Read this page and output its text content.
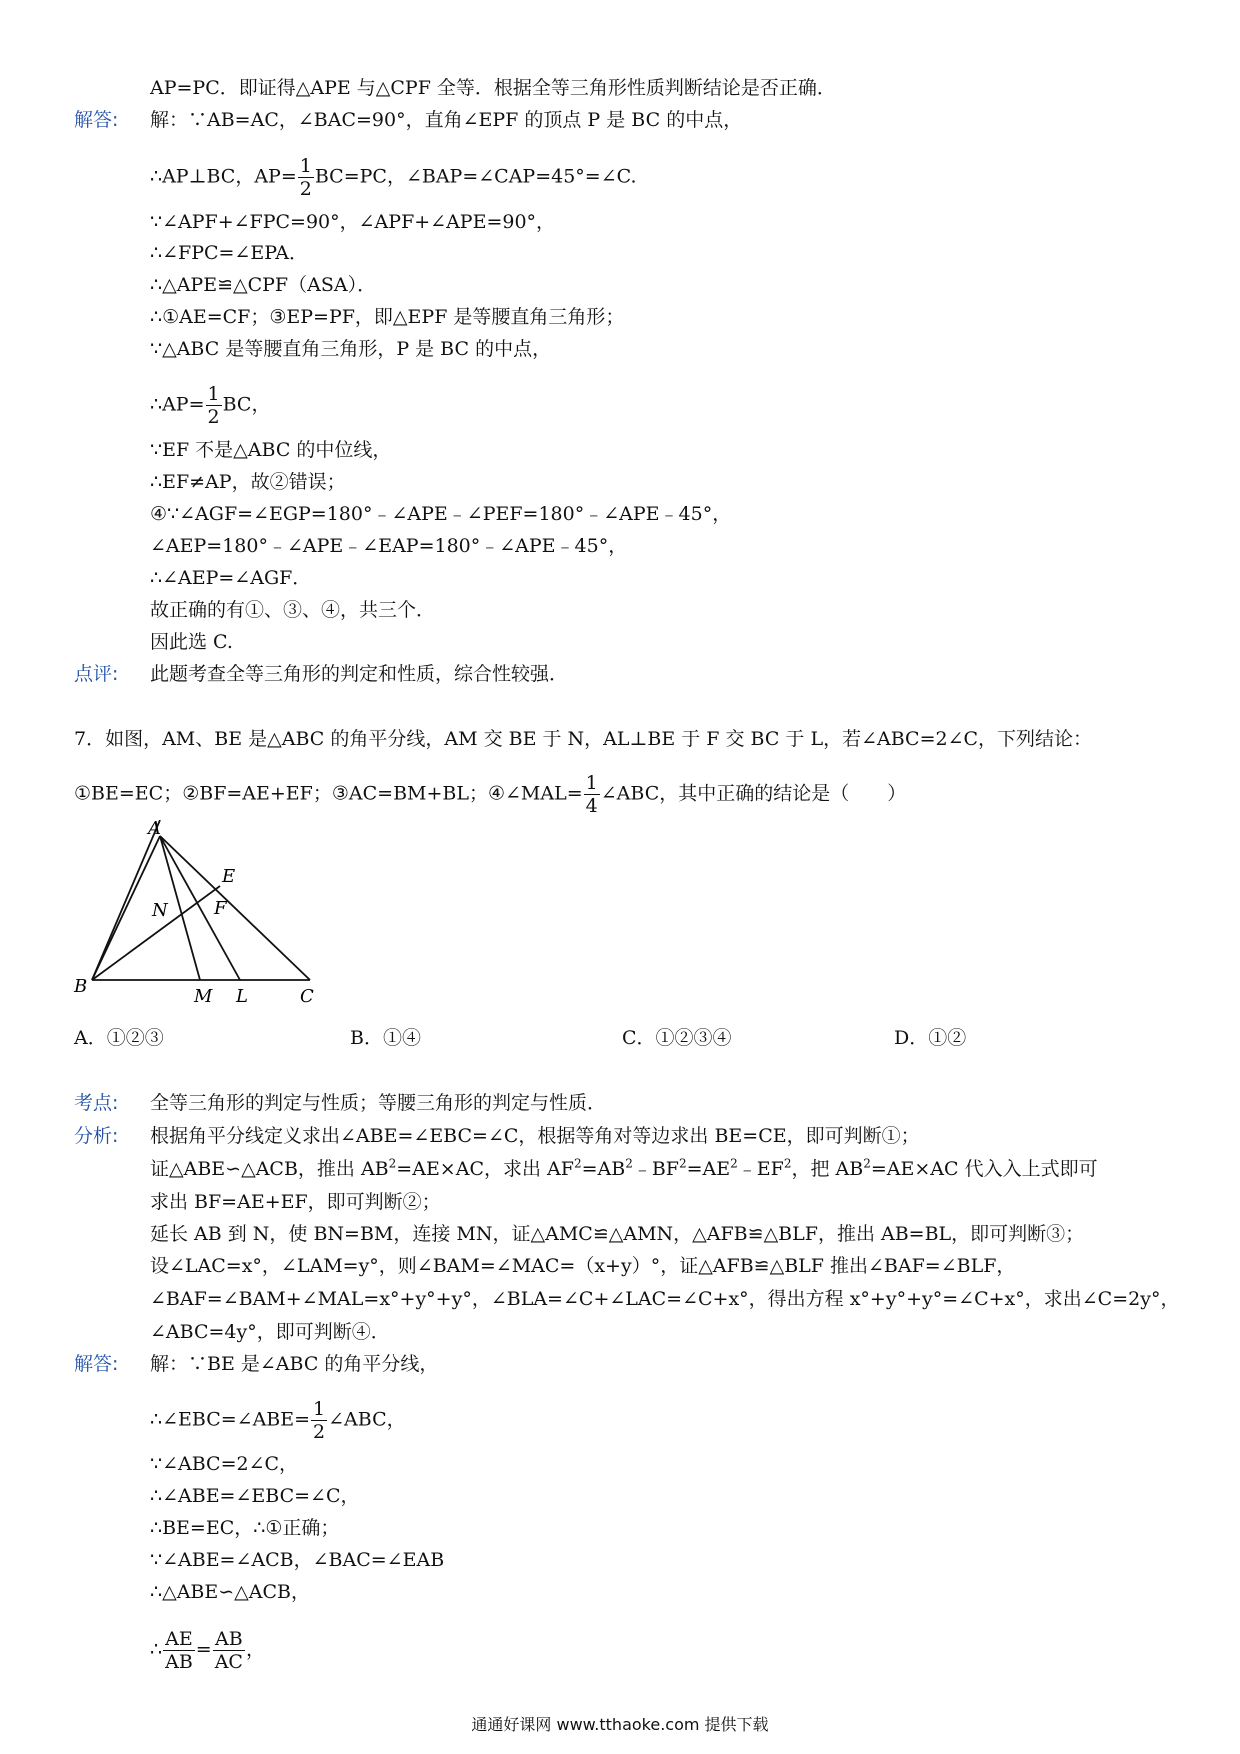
AP=PC．即证得△APE 与△CPF 全等．根据全等三角形性质判断结论是否正确．
解答: 解：∵AB=AC，∠BAC=90°，直角∠EPF 的顶点 P 是 BC 的中点，
∴AP⊥BC，$AP= \frac{1}{2} BC=PC$，∠BAP=∠CAP=45°=∠C.
∵∠APF+∠FPC=90°，∠APF+∠APE=90°，
∴∠FPC=∠EPA．
∴△APE≌△CPF（ASA）．
∴①AE=CF；③EP=PF，即△EPF 是等腰直角三角形；
∵△ABC 是等腰直角三角形，P 是 BC 的中点，
∴AP= $\frac{1}{2}$ BC，
∵EF 不是△ABC 的中位线，
∴EF≠AP，故②错误；
④∵∠AGF=∠EGP=180°﹣∠APE﹣∠PEF=180°﹣∠APE﹣45°，
∠AEP=180°﹣∠APE﹣∠EAP=180°﹣∠APE﹣45°，
∴∠AEP=∠AGF．
故正确的有①、③、④，共三个．
因此选 C.
点评: 此题考查全等三角形的判定和性质，综合性较强．
7．如图，AM、BE 是△ABC 的角平分线，AM 交 BE 于 N，AL⊥BE 于 F 交 BC 于 L，若∠ABC=2∠C，下列结论：
①BE=EC；②BF=AE+EF；③AC=BM+BL；④∠MAL= $\frac{1}{4}$ ∠ABC，其中正确的结论是（　　）
A
B	C
E
F
N
M L
A．①②③	B．①④	C．①②③④	D．①②
考点: 全等三角形的判定与性质；等腰三角形的判定与性质．
分析: 根据角平分线定义求出∠ABE=∠EBC=∠C，根据等角对等边求出 BE=CE，即可判断①；
证△ABE∽△ACB，推出 $AB^2=AE\times AC$，求出 $AF^2=AB^2﹣BF^2=AE^2﹣EF^2$，把 $AB^2=AE\times AC$ 代入入上式即可
求出 BF=AE+EF，即可判断②；
延长 AB 到 N，使 BN=BM，连接 MN，证△AMC≌△AMN，△AFB≌△BLF，推出 AB=BL，即可判断③；
设∠LAC=x°，∠LAM=y°，则∠BAM=∠MAC=（x+y）°，证△AFB≌△BLF 推出∠BAF=∠BLF，
∠BAF=∠BAM+∠MAL=x°+y°+y°，∠BLA=∠C+∠LAC=∠C+x°，得出方程 x°+y°+y°=∠C+x°，求出∠C=2y°，
∠ABC=4y°，即可判断④．
解答: 解：∵BE 是∠ABC 的角平分线，
∴∠EBC=∠ABE= $\frac{1}{2}$ ∠ABC，
∵∠ABC=2∠C，
∴∠ABE=∠EBC=∠C，
∴BE=EC，∴①正确；
∵∠ABE=∠ACB，∠BAC=∠EAB
∴△ABE∽△ACB，
∴ $\frac{AE}{AB} = \frac{AB}{AC}$ ，
通通好课网 www.tthaoke.com 提供下载
